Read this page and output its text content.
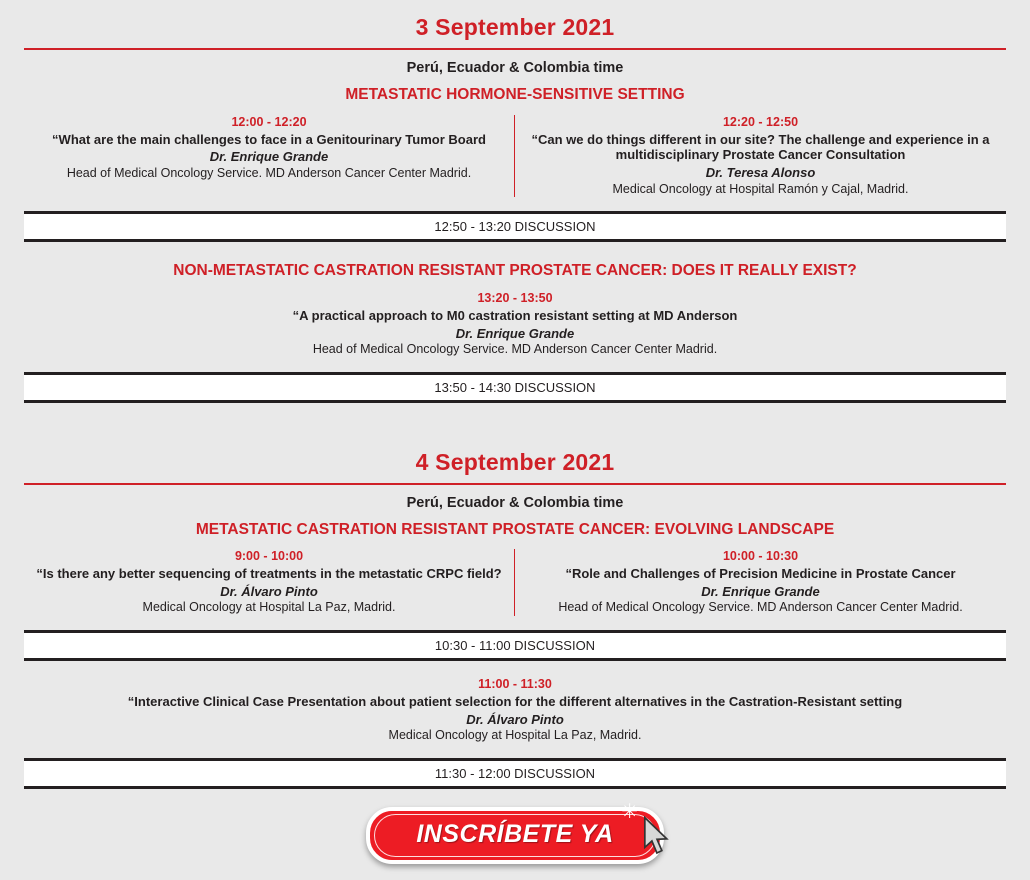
3 September 2021
Perú, Ecuador & Colombia time
METASTATIC HORMONE-SENSITIVE SETTING
12:00 - 12:20
“What are the main challenges to face in a Genitourinary Tumor Board
Dr. Enrique Grande
Head of Medical Oncology Service. MD Anderson Cancer Center Madrid.
12:20 - 12:50
“Can we do things different in our site? The challenge and experience in a multidisciplinary Prostate Cancer Consultation
Dr. Teresa Alonso
Medical Oncology at Hospital Ramón y Cajal, Madrid.
12:50 - 13:20 DISCUSSION
NON-METASTATIC CASTRATION RESISTANT PROSTATE CANCER: DOES IT REALLY EXIST?
13:20 - 13:50
“A practical approach to M0 castration resistant setting at MD Anderson
Dr. Enrique Grande
Head of Medical Oncology Service. MD Anderson Cancer Center Madrid.
13:50 - 14:30 DISCUSSION
4 September 2021
Perú, Ecuador & Colombia time
METASTATIC CASTRATION RESISTANT PROSTATE CANCER: EVOLVING LANDSCAPE
9:00 - 10:00
“Is there any better sequencing of treatments in the metastatic CRPC field?
Dr. Álvaro Pinto
Medical Oncology at Hospital La Paz, Madrid.
10:00 - 10:30
“Role and Challenges of Precision Medicine in Prostate Cancer
Dr. Enrique Grande
Head of Medical Oncology Service. MD Anderson Cancer Center Madrid.
10:30 - 11:00 DISCUSSION
11:00 - 11:30
“Interactive Clinical Case Presentation about patient selection for the different alternatives in the Castration-Resistant setting
Dr. Álvaro Pinto
Medical Oncology at Hospital La Paz, Madrid.
11:30 - 12:00 DISCUSSION
INSCRÍBETE YA
✳
